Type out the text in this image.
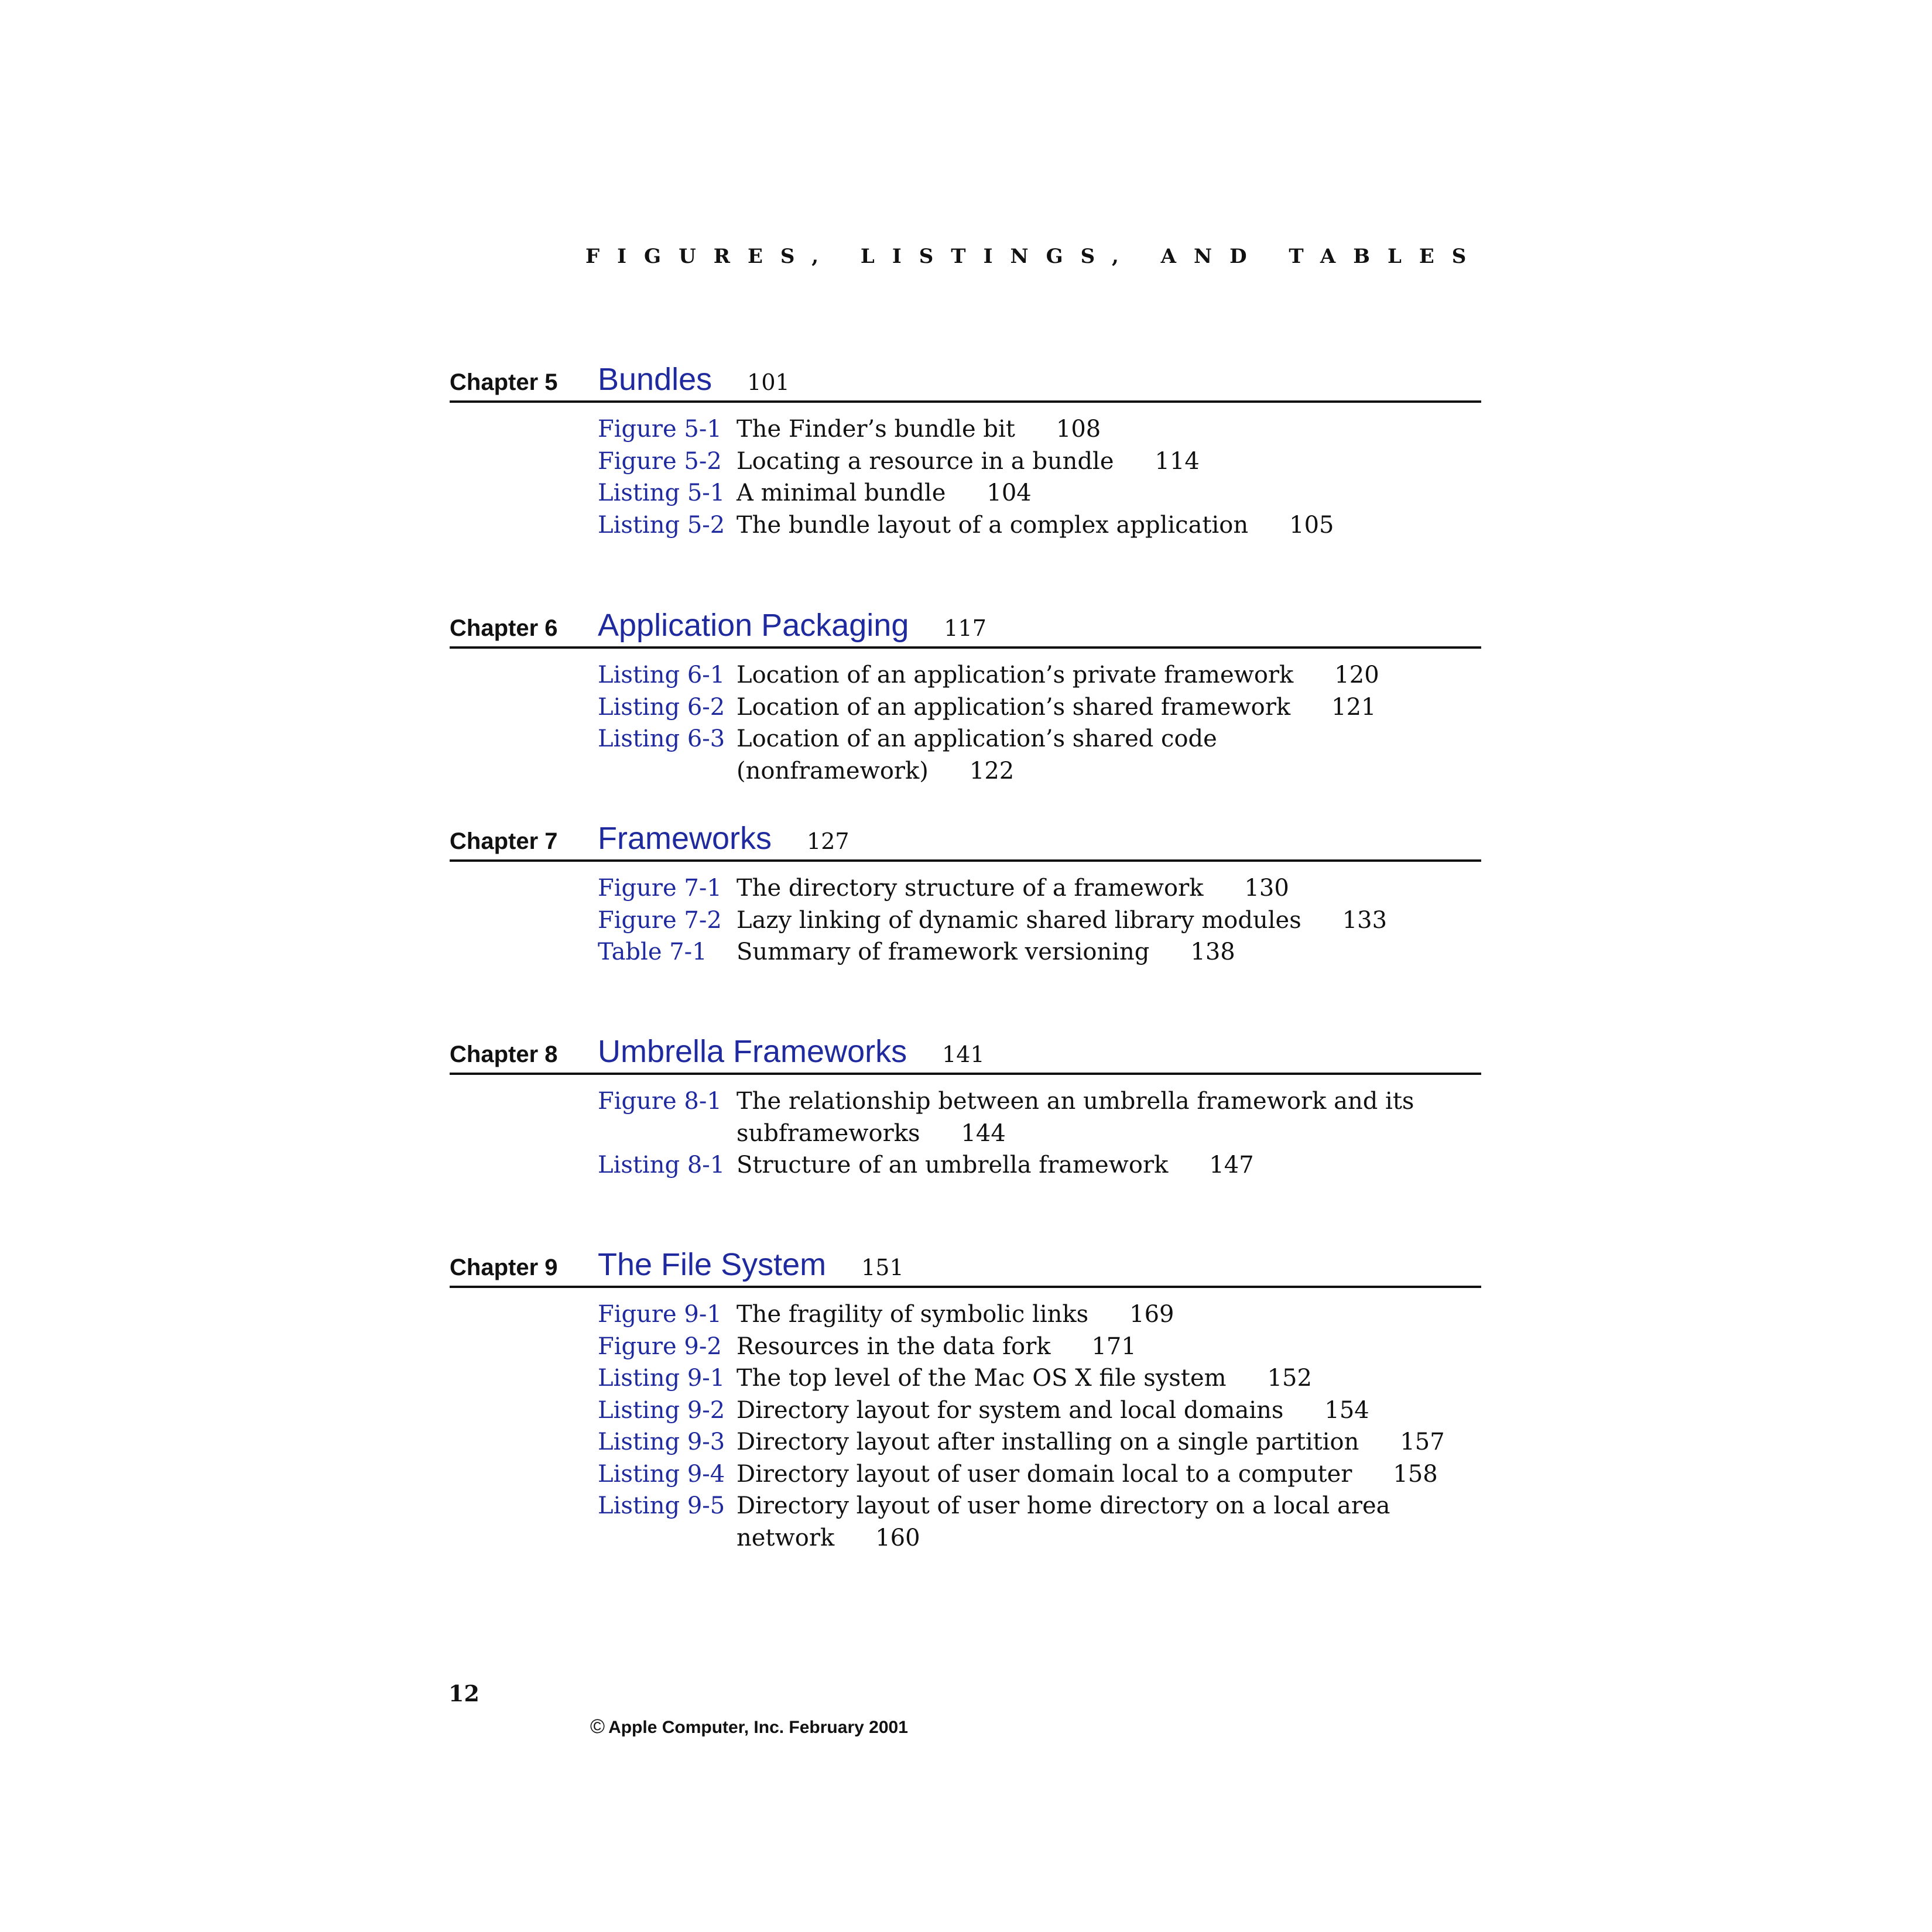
FIGURES, LISTINGS, AND TABLES
Chapter 5 Bundles 101
Figure 5-1 The Finder’s bundle bit 108
Figure 5-2 Locating a resource in a bundle 114
Listing 5-1 A minimal bundle 104
Listing 5-2 The bundle layout of a complex application 105
Chapter 6 Application Packaging 117
Listing 6-1 Location of an application’s private framework 120
Listing 6-2 Location of an application’s shared framework 121
Listing 6-3 Location of an application’s shared code (nonframework) 122
Chapter 7 Frameworks 127
Figure 7-1 The directory structure of a framework 130
Figure 7-2 Lazy linking of dynamic shared library modules 133
Table 7-1 Summary of framework versioning 138
Chapter 8 Umbrella Frameworks 141
Figure 8-1 The relationship between an umbrella framework and its subframeworks 144
Listing 8-1 Structure of an umbrella framework 147
Chapter 9 The File System 151
Figure 9-1 The fragility of symbolic links 169
Figure 9-2 Resources in the data fork 171
Listing 9-1 The top level of the Mac OS X file system 152
Listing 9-2 Directory layout for system and local domains 154
Listing 9-3 Directory layout after installing on a single partition 157
Listing 9-4 Directory layout of user domain local to a computer 158
Listing 9-5 Directory layout of user home directory on a local area network 160
12
© Apple Computer, Inc. February 2001
